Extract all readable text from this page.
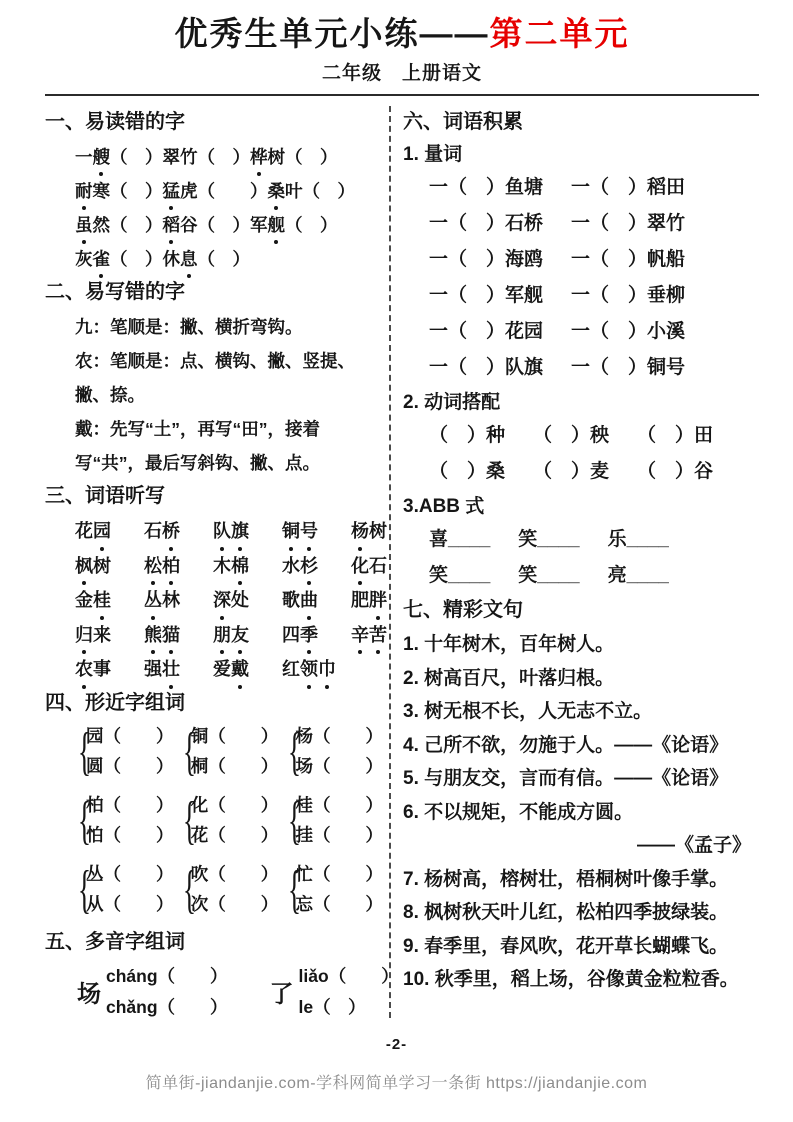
优秀生单元小练——第二单元
二年级　上册语文
一、易读错的字
一艘（　）翠竹（　）桦树（　）
耐寒（　）猛虎（　　）桑叶（　）
虽然（　）稻谷（　）军舰（　）
灰雀（　）休息（　）
二、易写错的字
九：笔顺是：撇、横折弯钩。
农：笔顺是：点、横钩、撇、竖提、
撇、捺。
戴：先写“土”，再写“田”，接着
写“共”，最后写斜钩、撇、点。
三、词语听写
花园 石桥 队旗 铜号 杨树
枫树 松柏 木棉 水杉 化石
金桂 丛林 深处 歌曲 肥胖
归来 熊猫 朋友 四季 辛苦
农事 强壮 爱戴 红领巾
四、形近字组词
{
园（　　）
圆（　　） {
铜（　　）
桐（　　） {
杨（　　）
场（　　）
{
柏（　　）
怕（　　） {
化（　　）
花（　　） {
桂（　　）
挂（　　）
{
丛（　　）
从（　　） {
吹（　　）
次（　　） {
忙（　　）
忘（　　）
五、多音字组词
场
cháng（　　）
chǎng（　　） 了
liǎo（　　）
le（　）
六、词语积累
1. 量词
一（　）鱼塘 一（　）稻田
一（　）石桥 一（　）翠竹
一（　）海鸥 一（　）帆船
一（　）军舰 一（　）垂柳
一（　）花园 一（　）小溪
一（　）队旗 一（　）铜号
2. 动词搭配
（　）种 （　）秧 （　）田
（　）桑 （　）麦 （　）谷
3.ABB 式
喜____ 笑____ 乐____
笑____ 笑____ 亮____
七、精彩文句
1. 十年树木，百年树人。
2. 树高百尺，叶落归根。
3. 树无根不长，人无志不立。
4. 己所不欲，勿施于人。——《论语》
5. 与朋友交，言而有信。——《论语》
6. 不以规矩，不能成方圆。
——《孟子》
7. 杨树高，榕树壮，梧桐树叶像手掌。
8. 枫树秋天叶儿红，松柏四季披绿装。
9. 春季里，春风吹，花开草长蝴蝶飞。
10. 秋季里，稻上场，谷像黄金粒粒香。
-2-
简单街-jiandanjie.com-学科网简单学习一条街 https://jiandanjie.com
